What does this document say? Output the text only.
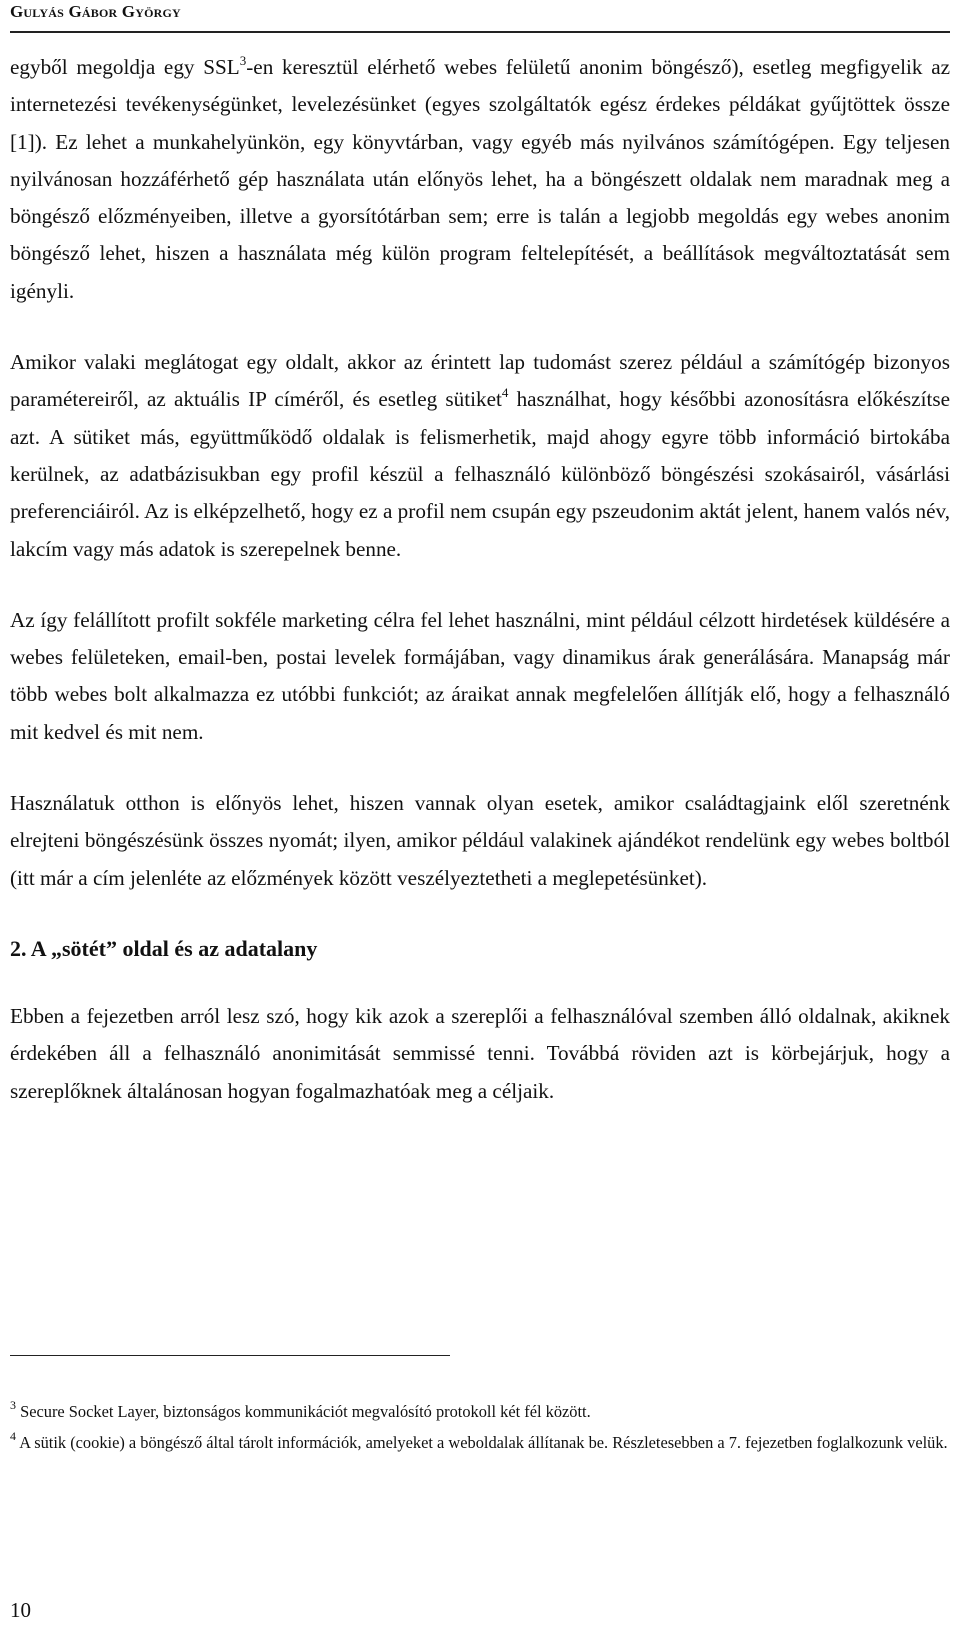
Gulyás Gábor György

egyből megoldja egy SSL$^3$-en keresztül elérhető webes felületű anonim böngésző), esetleg megfigyelik az internetezési tevékenységünket, levelezésünket (egyes szolgáltatók egész érdekes példákat gyűjtöttek össze [1]). Ez lehet a munkahelyünkön, egy könyvtárban, vagy egyéb más nyilvános számítógépen. Egy teljesen nyilvánosan hozzáférhető gép használata után előnyös lehet, ha a böngészett oldalak nem maradnak meg a böngésző előzményeiben, illetve a gyorsítótárban sem; erre is talán a legjobb megoldás egy webes anonim böngésző lehet, hiszen a használata még külön program feltelepítését, a beállítások megváltoztatását sem igényli.

Amikor valaki meglátogat egy oldalt, akkor az érintett lap tudomást szerez például a számítógép bizonyos paramétereiről, az aktuális IP címéről, és esetleg sütiket$^4$ használhat, hogy későbbi azonosításra előkészítse azt. A sütiket más, együttműködő oldalak is felismerhetik, majd ahogy egyre több információ birtokába kerülnek, az adatbázisukban egy profil készül a felhasználó különböző böngészési szokásairól, vásárlási preferenciáiról. Az is elképzelhető, hogy ez a profil nem csupán egy pszeudonim aktát jelent, hanem valós név, lakcím vagy más adatok is szerepelnek benne.

Az így felállított profilt sokféle marketing célra fel lehet használni, mint például célzott hirdetések küldésére a webes felületeken, email-ben, postai levelek formájában, vagy dinamikus árak generálására. Manapság már több webes bolt alkalmazza ez utóbbi funkciót; az áraikat annak megfelelően állítják elő, hogy a felhasználó mit kedvel és mit nem.

Használatuk otthon is előnyös lehet, hiszen vannak olyan esetek, amikor családtagjaink elől szeretnénk elrejteni böngészésünk összes nyomát; ilyen, amikor például valakinek ajándékot rendelünk egy webes boltból (itt már a cím jelenléte az előzmények között veszélyeztetheti a meglepetésünket).

2. A „sötét” oldal és az adatalany

Ebben a fejezetben arról lesz szó, hogy kik azok a szereplői a felhasználóval szemben álló oldalnak, akiknek érdekében áll a felhasználó anonimitását semmissé tenni. Továbbá röviden azt is körbejárjuk, hogy a szereplőknek általánosan hogyan fogalmazhatóak meg a céljaik.

$^3$ Secure Socket Layer, biztonságos kommunikációt megvalósító protokoll két fél között.

$^4$ A sütik (cookie) a böngésző által tárolt információk, amelyeket a weboldalak állítanak be. Részletesebben a 7. fejezetben foglalkozunk velük.

10
